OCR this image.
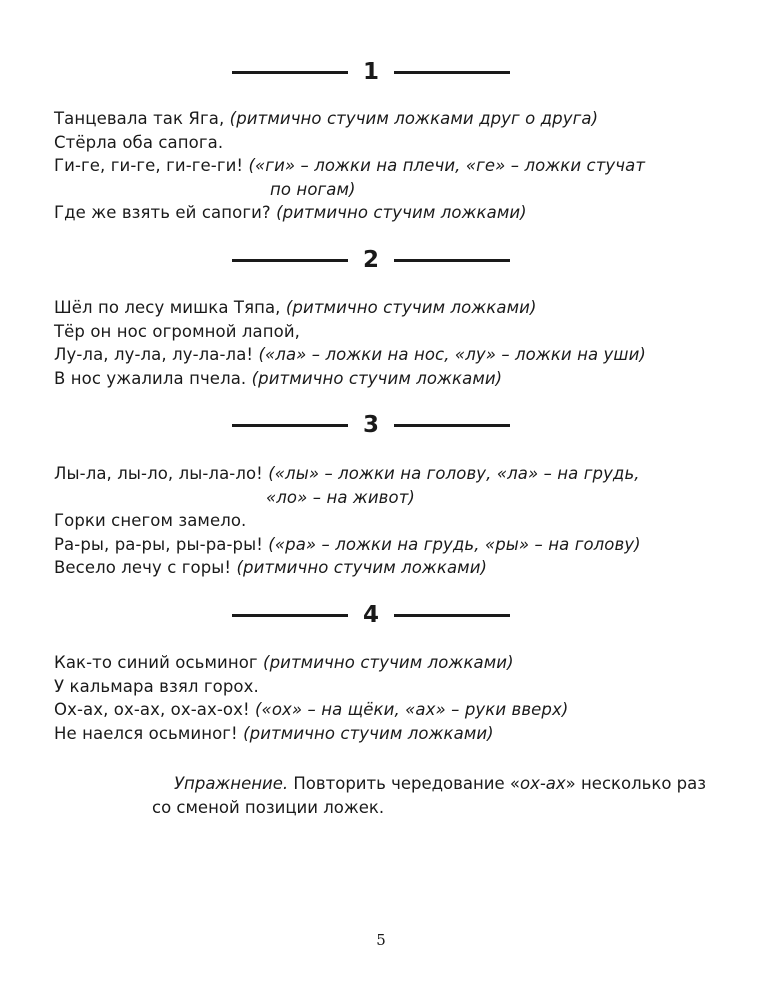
1
Танцевала так Яга, (ритмично стучим ложками друг о друга)
Стёрла оба сапога.
Ги-ге, ги-ге, ги-ге-ги! («ги» – ложки на плечи, «ге» – ложки стучат
по ногам)
Где же взять ей сапоги? (ритмично стучим ложками)
2
Шёл по лесу мишка Тяпа, (ритмично стучим ложками)
Тёр он нос огромной лапой,
Лу-ла, лу-ла, лу-ла-ла! («ла» – ложки на нос, «лу» – ложки на уши)
В нос ужалила пчела. (ритмично стучим ложками)
3
Лы-ла, лы-ло, лы-ла-ло! («лы» – ложки на голову, «ла» – на грудь,
«ло» – на живот)
Горки снегом замело.
Ра-ры, ра-ры, ры-ра-ры! («ра» – ложки на грудь, «ры» – на голову)
Весело лечу с горы! (ритмично стучим ложками)
4
Как-то синий осьминог (ритмично стучим ложками)
У кальмара взял горох.
Ох-ах, ох-ах, ох-ах-ох! («ох» – на щёки, «ах» – руки вверх)
Не наелся осьминог! (ритмично стучим ложками)
Упражнение. Повторить чередование «ох-ах» несколько раз
со сменой позиции ложек.
5
